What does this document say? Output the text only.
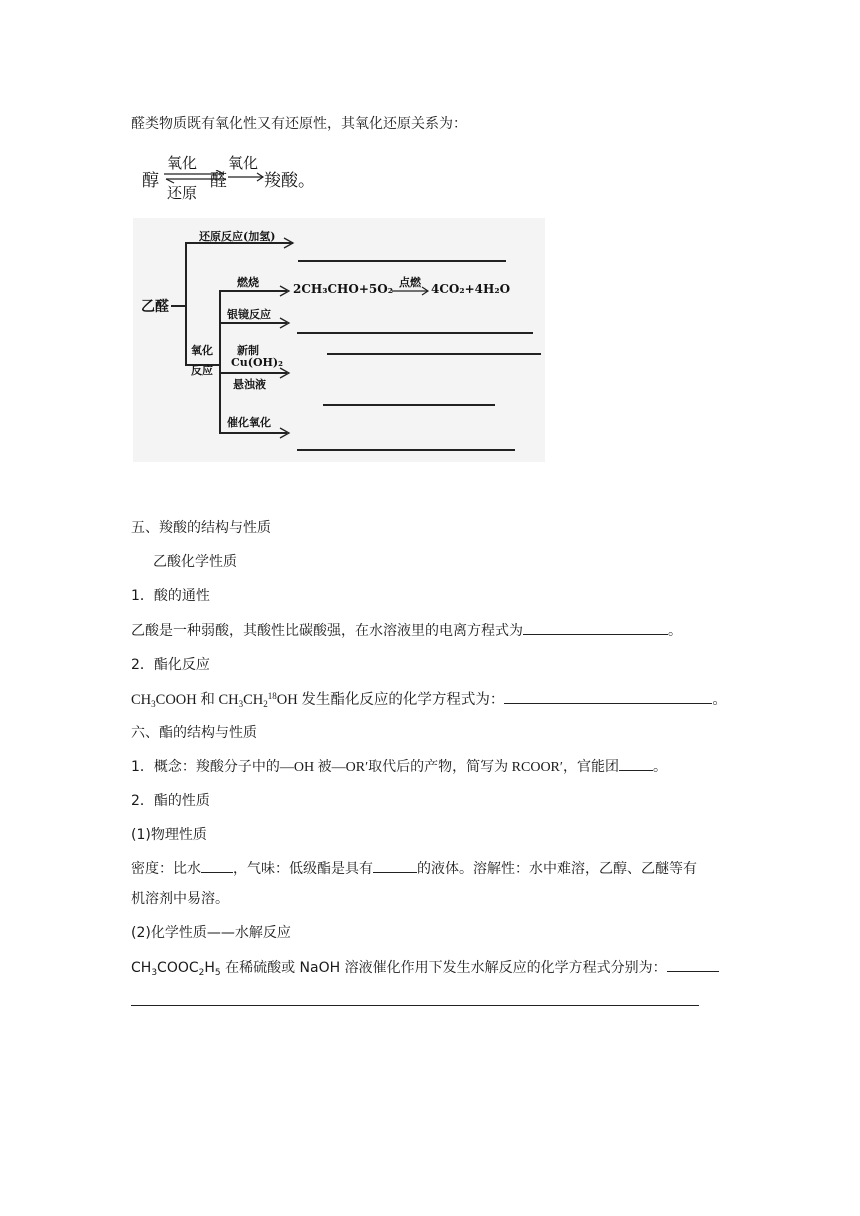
醛类物质既有氧化性又有还原性，其氧化还原关系为：
醇
氧化
还原
醛
氧化
羧酸。
乙醛
还原反应(加氢)
氧化
反应
燃烧	2CH₃CHO+5O₂ 点燃 4CO₂+4H₂O
银镜反应
新制
Cu(OH)₂
悬浊液
催化氧化
五、羧酸的结构与性质
乙酸化学性质
1．酸的通性
乙酸是一种弱酸，其酸性比碳酸强，在水溶液里的电离方程式为	。
2．酯化反应
$CH_3COOH$ 和 $CH_3CH_2^{18}OH$ 发生酯化反应的化学方程式为：	。
六、酯的结构与性质
1．概念：羧酸分子中的—OH 被—OR′取代后的产物，简写为 RCOOR′，官能团 。
2．酯的性质
(1)物理性质
密度：比水 ，气味：低级酯是具有	的液体。溶解性：水中难溶，乙醇、乙醚等有
机溶剂中易溶。
(2)化学性质——水解反应
$CH_3COOC_2H_5$ 在稀硫酸或 NaOH 溶液催化作用下发生水解反应的化学方程式分别为：
